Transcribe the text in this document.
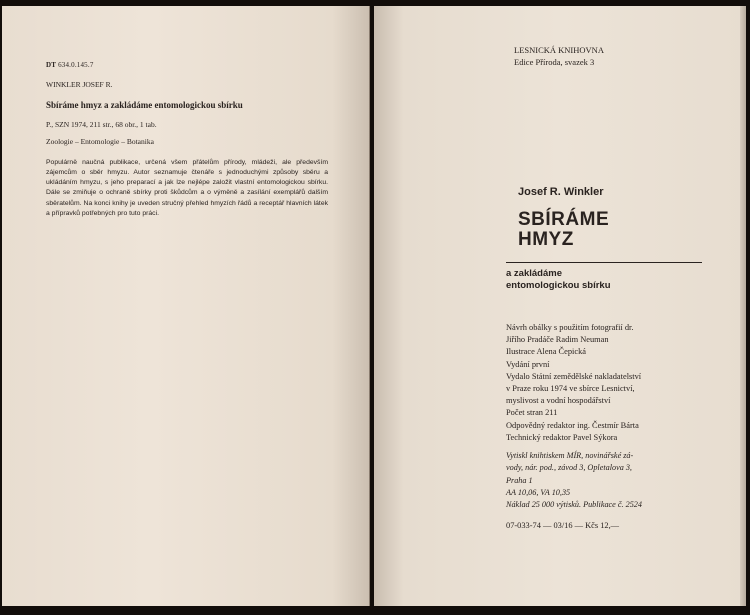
DT 634.0.145.7
WINKLER JOSEF R.
Sbíráme hmyz a zakládáme entomologickou sbírku
P., SZN 1974, 211 str., 68 obr., 1 tab.
Zoologie – Entomologie – Botanika
Populárně naučná publikace, určená všem přátelům přírody, mládeži, ale především zájemcům o sběr hmyzu. Autor seznamuje čtenáře s jednoduchými způsoby sběru a ukládáním hmyzu, s jeho preparací a jak lze nejlépe založit vlastní entomologickou sbírku. Dále se zmiňuje o ochraně sbírky proti škůdcům a o výměně a zasílání exemplářů dalším sběratelům. Na konci knihy je uveden stručný přehled hmyzích řádů a receptář hlavních látek a přípravků potřebných pro tuto práci.
LESNICKÁ KNIHOVNA
Edice Příroda, svazek 3
Josef R. Winkler
SBÍRÁME
HMYZ
a zakládáme
entomologickou sbírku
Návrh obálky s použitím fotografií dr.
Jiřího Pradáče Radim Neuman
Ilustrace Alena Čepická
Vydání první
Vydalo Státní zemědělské nakladatelství
v Praze roku 1974 ve sbírce Lesnictví,
myslivost a vodní hospodářství
Počet stran 211
Odpovědný redaktor ing. Čestmír Bárta
Technický redaktor Pavel Sýkora
Vytiskl knihtiskem MÍR, novinářské zá-
vody, nár. pod., závod 3, Opletalova 3,
Praha 1
AA 10,06, VA 10,35
Náklad 25 000 výtisků. Publikace č. 2524
07-033-74 — 03/16 — Kčs 12,—
